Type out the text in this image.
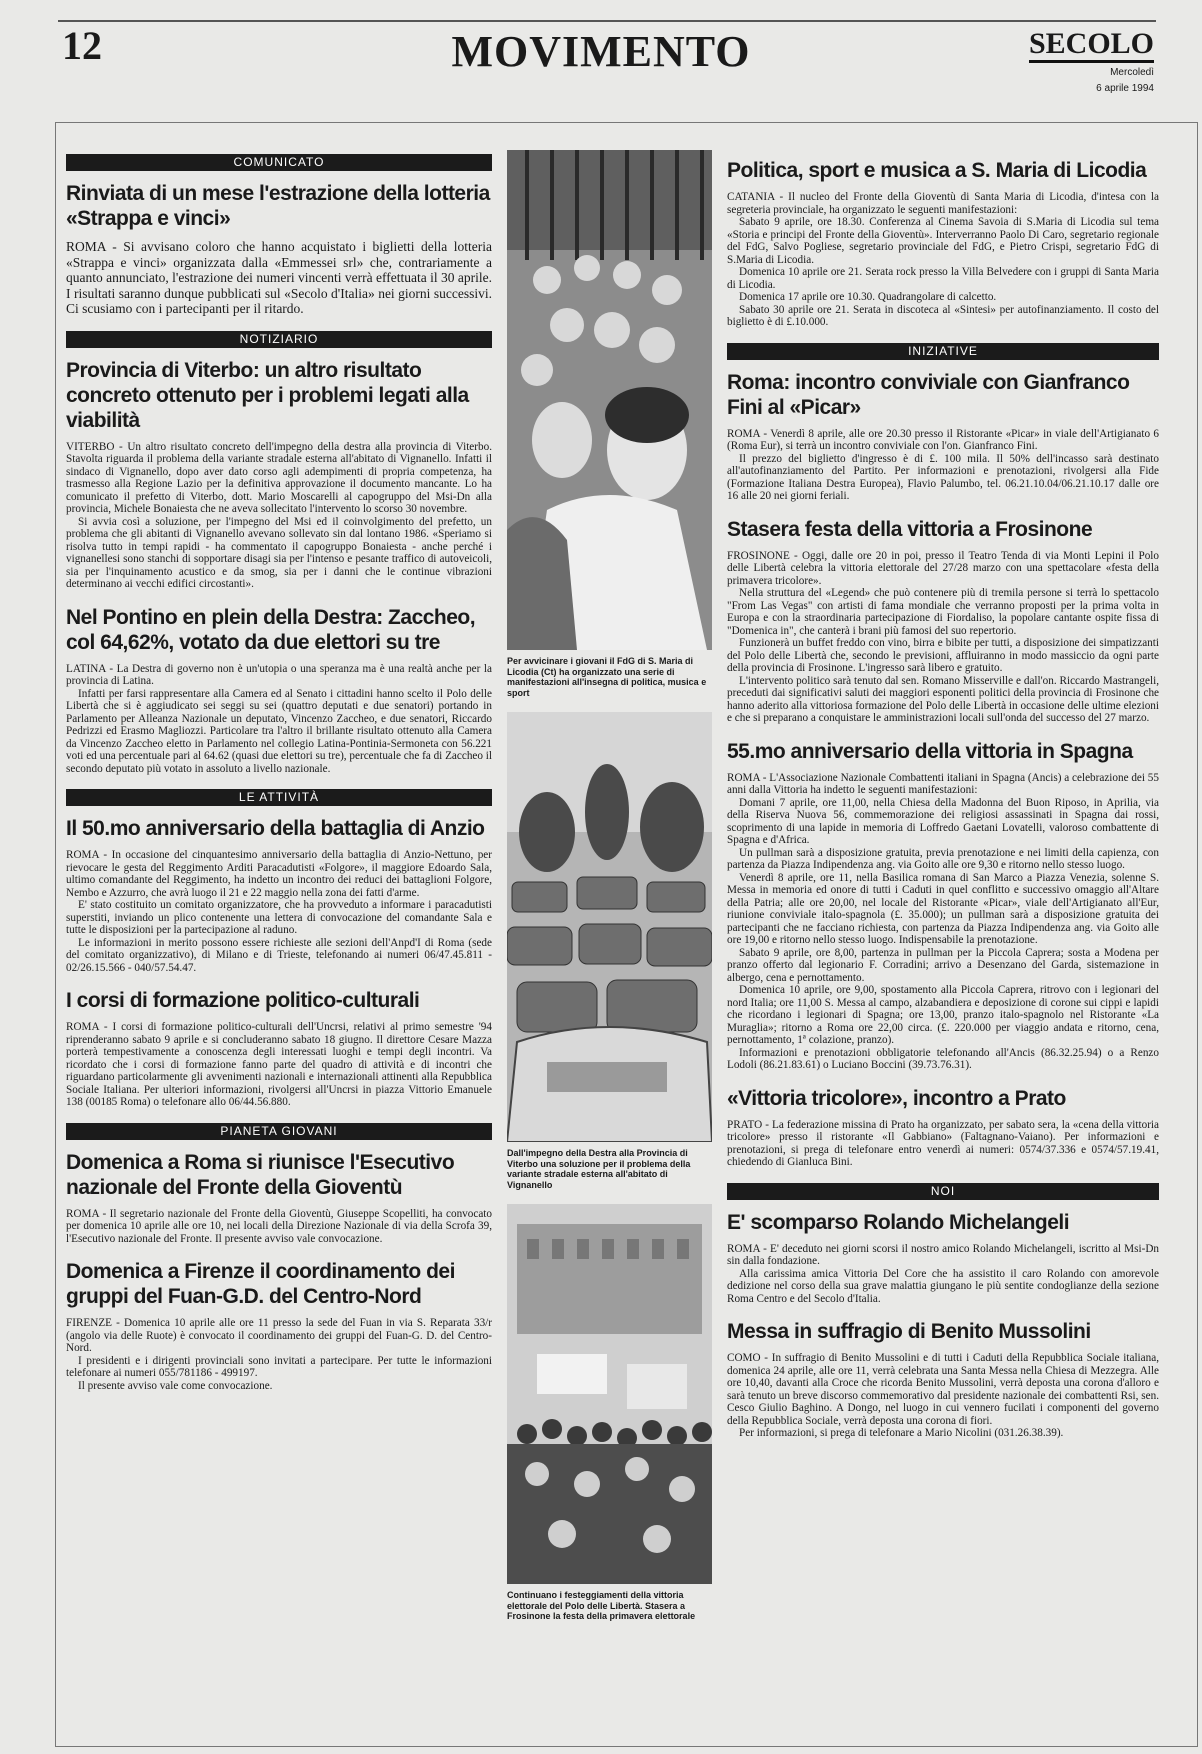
12	MOVIMENTO	SECOLO
Mercoledì
6 aprile 1994
COMUNICATO
Rinviata di un mese l'estrazione della lotteria «Strappa e vinci»

ROMA - Si avvisano coloro che hanno acquistato i biglietti della lotteria «Strappa e vinci» organizzata dalla «Emmessei srl» che, contrariamente a quanto annunciato, l'estrazione dei numeri vincenti verrà effettuata il 30 aprile. I risultati saranno dunque pubblicati sul «Secolo d'Italia» nei giorni successivi. Ci scusiamo con i partecipanti per il ritardo.

NOTIZIARIO
Provincia di Viterbo: un altro risultato concreto ottenuto per i problemi legati alla viabilità

VITERBO - Un altro risultato concreto dell'impegno della destra alla provincia di Viterbo. Stavolta riguarda il problema della variante stradale esterna all'abitato di Vignanello. Infatti il sindaco di Vignanello, dopo aver dato corso agli adempimenti di propria competenza, ha trasmesso alla Regione Lazio per la definitiva approvazione il documento mancante. Lo ha comunicato il prefetto di Viterbo, dott. Mario Moscarelli al capogruppo del Msi-Dn alla provincia, Michele Bonaiesta che ne aveva sollecitato l'intervento lo scorso 30 novembre.

Si avvia così a soluzione, per l'impegno del Msi ed il coinvolgimento del prefetto, un problema che gli abitanti di Vignanello avevano sollevato sin dal lontano 1986. «Speriamo si risolva tutto in tempi rapidi - ha commentato il capogruppo Bonaiesta - anche perché i vignanellesi sono stanchi di sopportare disagi sia per l'intenso e pesante traffico di autoveicoli, sia per l'inquinamento acustico e da smog, sia per i danni che le continue vibrazioni determinano ai vecchi edifici circostanti».

Nel Pontino en plein della Destra: Zaccheo, col 64,62%, votato da due elettori su tre

LATINA - La Destra di governo non è un'utopia o una speranza ma è una realtà anche per la provincia di Latina.

Infatti per farsi rappresentare alla Camera ed al Senato i cittadini hanno scelto il Polo delle Libertà che si è aggiudicato sei seggi su sei (quattro deputati e due senatori) portando in Parlamento per Alleanza Nazionale un deputato, Vincenzo Zaccheo, e due senatori, Riccardo Pedrizzi ed Erasmo Magliozzi. Particolare tra l'altro il brillante risultato ottenuto alla Camera da Vincenzo Zaccheo eletto in Parlamento nel collegio Latina-Pontinia-Sermoneta con 56.221 voti ed una percentuale pari al 64.62 (quasi due elettori su tre), percentuale che fa di Zaccheo il secondo deputato più votato in assoluto a livello nazionale.

LE ATTIVITÀ
Il 50.mo anniversario della battaglia di Anzio

ROMA - In occasione del cinquantesimo anniversario della battaglia di Anzio-Nettuno, per rievocare le gesta del Reggimento Arditi Paracadutisti «Folgore», il maggiore Edoardo Sala, ultimo comandante del Reggimento, ha indetto un incontro dei reduci dei battaglioni Folgore, Nembo e Azzurro, che avrà luogo il 21 e 22 maggio nella zona dei fatti d'arme.

E' stato costituito un comitato organizzatore, che ha provveduto a informare i paracadutisti superstiti, inviando un plico contenente una lettera di convocazione del comandante Sala e tutte le disposizioni per la partecipazione al raduno.

Le informazioni in merito possono essere richieste alle sezioni dell'Anpd'I di Roma (sede del comitato organizzativo), di Milano e di Trieste, telefonando ai numeri 06/47.45.811 - 02/26.15.566 - 040/57.54.47.

I corsi di formazione politico-culturali

ROMA - I corsi di formazione politico-culturali dell'Uncrsi, relativi al primo semestre '94 riprenderanno sabato 9 aprile e si concluderanno sabato 18 giugno. Il direttore Cesare Mazza porterà tempestivamente a conoscenza degli interessati luoghi e tempi degli incontri. Va ricordato che i corsi di formazione fanno parte del quadro di attività e di incontri che riguardano particolarmente gli avvenimenti nazionali e internazionali attinenti alla Repubblica Sociale Italiana. Per ulteriori informazioni, rivolgersi all'Uncrsi in piazza Vittorio Emanuele 138 (00185 Roma) o telefonare allo 06/44.56.880.

PIANETA GIOVANI
Domenica a Roma si riunisce l'Esecutivo nazionale del Fronte della Gioventù

ROMA - Il segretario nazionale del Fronte della Gioventù, Giuseppe Scopelliti, ha convocato per domenica 10 aprile alle ore 10, nei locali della Direzione Nazionale di via della Scrofa 39, l'Esecutivo nazionale del Fronte. Il presente avviso vale convocazione.

Domenica a Firenze il coordinamento dei gruppi del Fuan-G.D. del Centro-Nord

FIRENZE - Domenica 10 aprile alle ore 11 presso la sede del Fuan in via S. Reparata 33/r (angolo via delle Ruote) è convocato il coordinamento dei gruppi del Fuan-G. D. del Centro-Nord.

I presidenti e i dirigenti provinciali sono invitati a partecipare. Per tutte le informazioni telefonare ai numeri 055/781186 - 499197.

Il presente avviso vale come convocazione.

Per avvicinare i giovani il FdG di S. Maria di Licodia (Ct) ha organizzato una serie di manifestazioni all'insegna di politica, musica e sport
Dall'impegno della Destra alla Provincia di Viterbo una soluzione per il problema della variante stradale esterna all'abitato di Vignanello
Continuano i festeggiamenti della vittoria elettorale del Polo delle Libertà. Stasera a Frosinone la festa della primavera elettorale
Politica, sport e musica a S. Maria di Licodia

CATANIA - Il nucleo del Fronte della Gioventù di Santa Maria di Licodia, d'intesa con la segreteria provinciale, ha organizzato le seguenti manifestazioni:

Sabato 9 aprile, ore 18.30. Conferenza al Cinema Savoia di S.Maria di Licodia sul tema «Storia e principi del Fronte della Gioventù». Interverranno Paolo Di Caro, segretario regionale del FdG, Salvo Pogliese, segretario provinciale del FdG, e Pietro Crispi, segretario FdG di S.Maria di Licodia.

Domenica 10 aprile ore 21. Serata rock presso la Villa Belvedere con i gruppi di Santa Maria di Licodia.

Domenica 17 aprile ore 10.30. Quadrangolare di calcetto.

Sabato 30 aprile ore 21. Serata in discoteca al «Sintesi» per autofinanziamento. Il costo del biglietto è di £.10.000.

INIZIATIVE
Roma: incontro conviviale con Gianfranco Fini al «Picar»

ROMA - Venerdì 8 aprile, alle ore 20.30 presso il Ristorante «Picar» in viale dell'Artigianato 6 (Roma Eur), si terrà un incontro conviviale con l'on. Gianfranco Fini.

Il prezzo del biglietto d'ingresso è di £. 100 mila. Il 50% dell'incasso sarà destinato all'autofinanziamento del Partito. Per informazioni e prenotazioni, rivolgersi alla Fide (Formazione Italiana Destra Europea), Flavio Palumbo, tel. 06.21.10.04/06.21.10.17 dalle ore 16 alle 20 nei giorni feriali.

Stasera festa della vittoria a Frosinone

FROSINONE - Oggi, dalle ore 20 in poi, presso il Teatro Tenda di via Monti Lepini il Polo delle Libertà celebra la vittoria elettorale del 27/28 marzo con una spettacolare «festa della primavera tricolore».

Nella struttura del «Legend» che può contenere più di tremila persone si terrà lo spettacolo "From Las Vegas" con artisti di fama mondiale che verranno proposti per la prima volta in Europa e con la straordinaria partecipazione di Fiordaliso, la popolare cantante ospite fissa di "Domenica in", che canterà i brani più famosi del suo repertorio.

Funzionerà un buffet freddo con vino, birra e bibite per tutti, a disposizione dei simpatizzanti del Polo delle Libertà che, secondo le previsioni, affluiranno in modo massiccio da ogni parte della provincia di Frosinone. L'ingresso sarà libero e gratuito.

L'intervento politico sarà tenuto dal sen. Romano Misserville e dall'on. Riccardo Mastrangeli, preceduti dai significativi saluti dei maggiori esponenti politici della provincia di Frosinone che hanno aderito alla vittoriosa formazione del Polo delle Libertà in occasione delle ultime elezioni e che si preparano a conquistare le amministrazioni locali sull'onda del successo del 27 marzo.

55.mo anniversario della vittoria in Spagna

ROMA - L'Associazione Nazionale Combattenti italiani in Spagna (Ancis) a celebrazione dei 55 anni dalla Vittoria ha indetto le seguenti manifestazioni:

Domani 7 aprile, ore 11,00, nella Chiesa della Madonna del Buon Riposo, in Aprilia, via della Riserva Nuova 56, commemorazione dei religiosi assassinati in Spagna dai rossi, scoprimento di una lapide in memoria di Loffredo Gaetani Lovatelli, valoroso combattente di Spagna e d'Africa.

Un pullman sarà a disposizione gratuita, previa prenotazione e nei limiti della capienza, con partenza da Piazza Indipendenza ang. via Goito alle ore 9,30 e ritorno nello stesso luogo.

Venerdì 8 aprile, ore 11, nella Basilica romana di San Marco a Piazza Venezia, solenne S. Messa in memoria ed onore di tutti i Caduti in quel conflitto e successivo omaggio all'Altare della Patria; alle ore 20,00, nel locale del Ristorante «Picar», viale dell'Artigianato all'Eur, riunione conviviale italo-spagnola (£. 35.000); un pullman sarà a disposizione gratuita dei partecipanti che ne facciano richiesta, con partenza da Piazza Indipendenza ang. via Goito alle ore 19,00 e ritorno nello stesso luogo. Indispensabile la prenotazione.

Sabato 9 aprile, ore 8,00, partenza in pullman per la Piccola Caprera; sosta a Modena per pranzo offerto dal legionario F. Corradini; arrivo a Desenzano del Garda, sistemazione in albergo, cena e pernottamento.

Domenica 10 aprile, ore 9,00, spostamento alla Piccola Caprera, ritrovo con i legionari del nord Italia; ore 11,00 S. Messa al campo, alzabandiera e deposizione di corone sui cippi e lapidi che ricordano i legionari di Spagna; ore 13,00, pranzo italo-spagnolo nel Ristorante «La Muraglia»; ritorno a Roma ore 22,00 circa. (£. 220.000 per viaggio andata e ritorno, cena, pernottamento, 1ª colazione, pranzo).

Informazioni e prenotazioni obbligatorie telefonando all'Ancis (86.32.25.94) o a Renzo Lodoli (86.21.83.61) o Luciano Boccini (39.73.76.31).

«Vittoria tricolore», incontro a Prato

PRATO - La federazione missina di Prato ha organizzato, per sabato sera, la «cena della vittoria tricolore» presso il ristorante «Il Gabbiano» (Faltagnano-Vaiano). Per informazioni e prenotazioni, si prega di telefonare entro venerdì ai numeri: 0574/37.336 e 0574/57.19.41, chiedendo di Gianluca Bini.

NOI
E' scomparso Rolando Michelangeli

ROMA - E' deceduto nei giorni scorsi il nostro amico Rolando Michelangeli, iscritto al Msi-Dn sin dalla fondazione.

Alla carissima amica Vittoria Del Core che ha assistito il caro Rolando con amorevole dedizione nel corso della sua grave malattia giungano le più sentite condoglianze della sezione Roma Centro e del Secolo d'Italia.

Messa in suffragio di Benito Mussolini

COMO - In suffragio di Benito Mussolini e di tutti i Caduti della Repubblica Sociale italiana, domenica 24 aprile, alle ore 11, verrà celebrata una Santa Messa nella Chiesa di Mezzegra. Alle ore 10,40, davanti alla Croce che ricorda Benito Mussolini, verrà deposta una corona d'alloro e sarà tenuto un breve discorso commemorativo dal presidente nazionale dei combattenti Rsi, sen. Cesco Giulio Baghino. A Dongo, nel luogo in cui vennero fucilati i componenti del governo della Repubblica Sociale, verrà deposta una corona di fiori.

Per informazioni, si prega di telefonare a Mario Nicolini (031.26.38.39).
